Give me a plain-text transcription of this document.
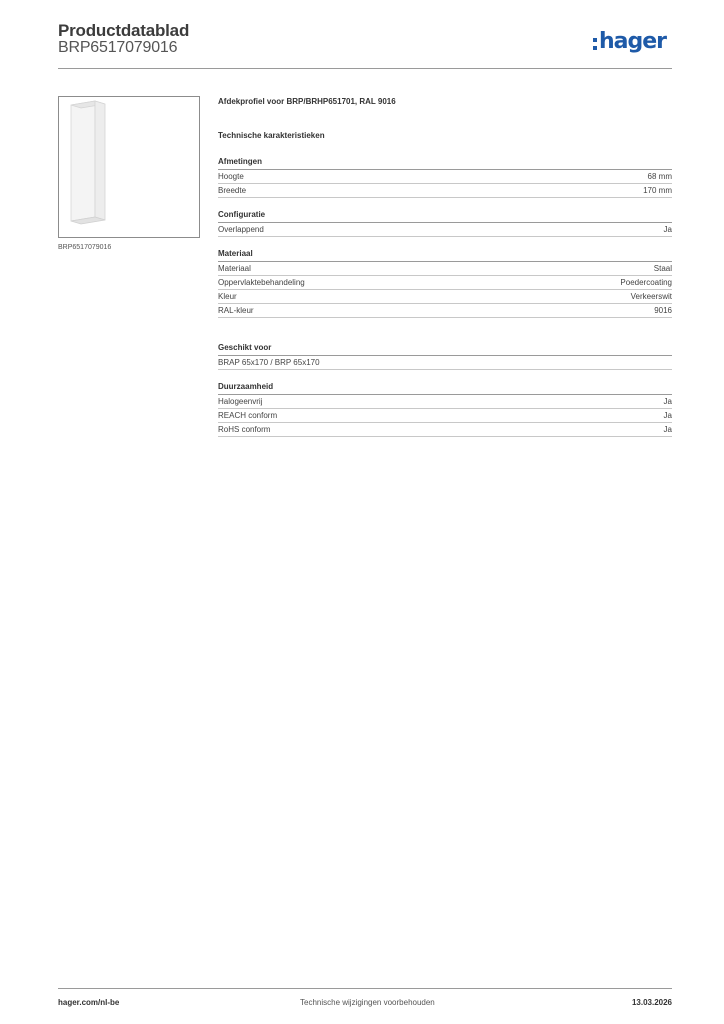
Productdatablad
BRP6517079016	hager
BRP6517079016
Afdekprofiel voor BRP/BRHP651701, RAL 9016
Technische karakteristieken
Afmetingen
Hoogte	68 mm
Breedte	170 mm
Configuratie
Overlappend	Ja
Materiaal
Materiaal	Staal
Oppervlaktebehandeling	Poedercoating
Kleur	Verkeerswit
RAL-kleur	9016
Geschikt voor
BRAP 65x170 / BRP 65x170
Duurzaamheid
Halogeenvrij	Ja
REACH conform	Ja
RoHS conform	Ja
hager.com/nl-be	Technische wijzigingen voorbehouden	13.03.2026
